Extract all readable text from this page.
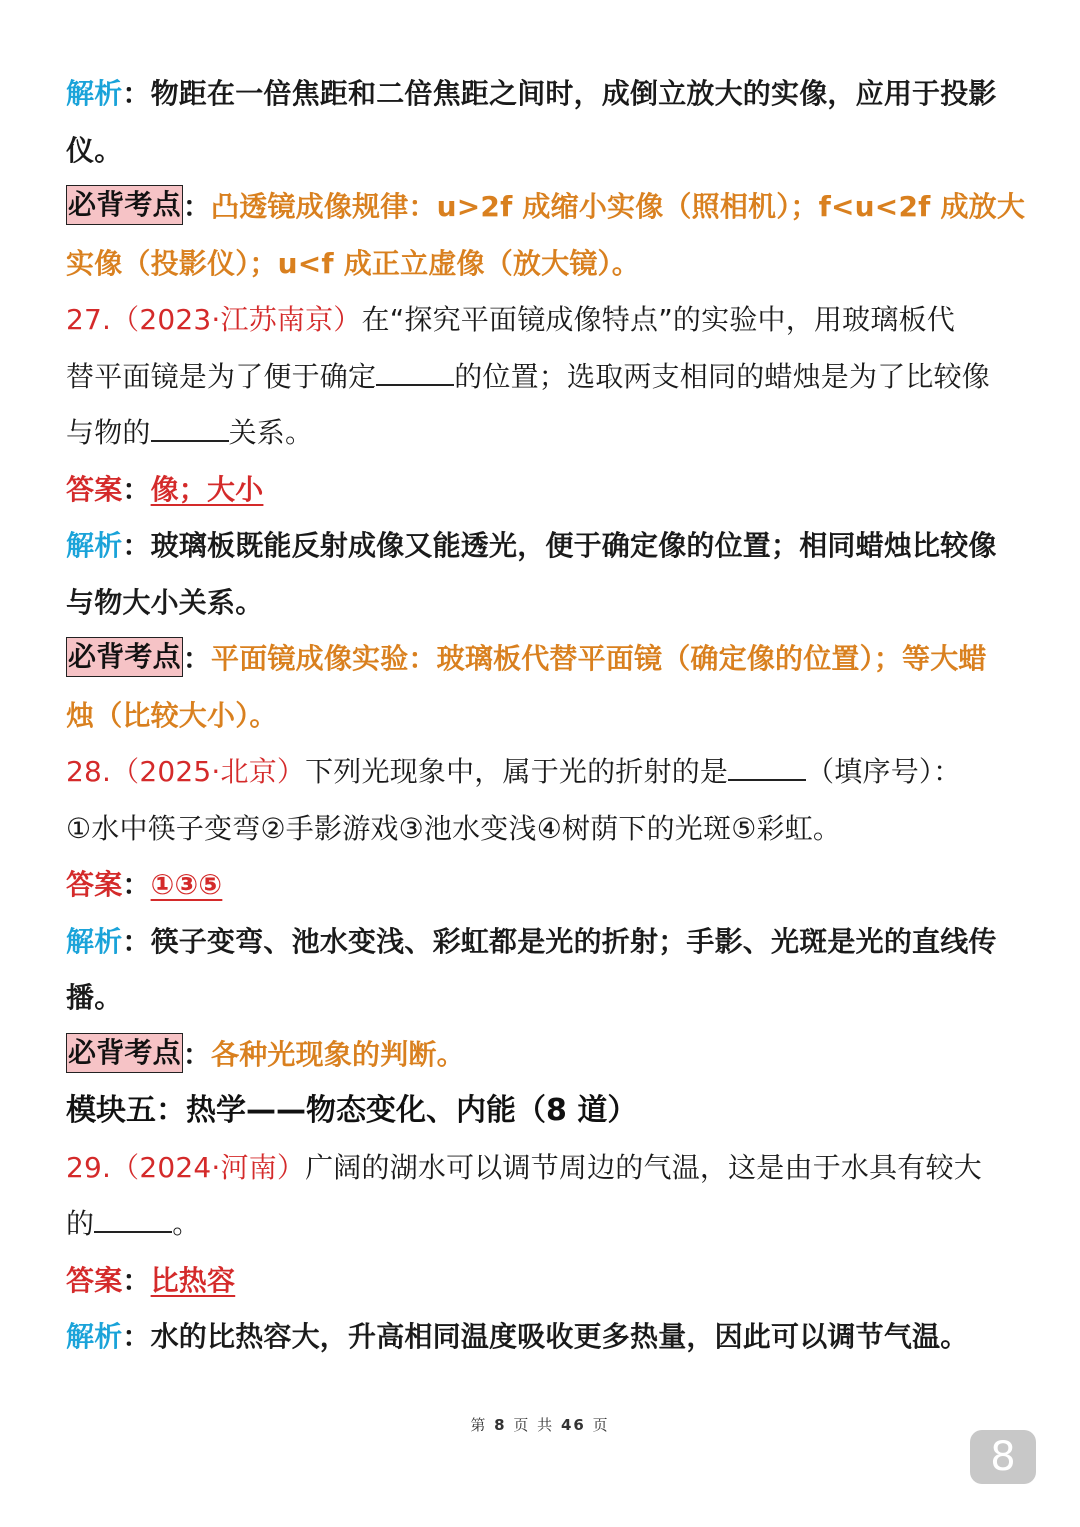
解析：物距在一倍焦距和二倍焦距之间时，成倒立放大的实像，应用于投影
仪。
必背考点：凸透镜成像规律：u>2f 成缩小实像（照相机）；f<u<2f 成放大
实像（投影仪）；u<f 成正立虚像（放大镜）。
27.（2023·江苏南京）在“探究平面镜成像特点”的实验中，用玻璃板代
替平面镜是为了便于确定	的位置；选取两支相同的蜡烛是为了比较像
与物的	关系。
答案：像；大小
解析：玻璃板既能反射成像又能透光，便于确定像的位置；相同蜡烛比较像
与物大小关系。
必背考点：平面镜成像实验：玻璃板代替平面镜（确定像的位置）；等大蜡
烛（比较大小）。
28.（2025·北京）下列光现象中，属于光的折射的是	（填序号）：
①水中筷子变弯②手影游戏③池水变浅④树荫下的光斑⑤彩虹。
答案：①③⑤
解析：筷子变弯、池水变浅、彩虹都是光的折射；手影、光斑是光的直线传
播。
必背考点：各种光现象的判断。
模块五：热学——物态变化、内能（8 道）
29.（2024·河南）广阔的湖水可以调节周边的气温，这是由于水具有较大
的	。
答案：比热容
解析：水的比热容大，升高相同温度吸收更多热量，因此可以调节气温。
第 8 页 共 46 页
8
